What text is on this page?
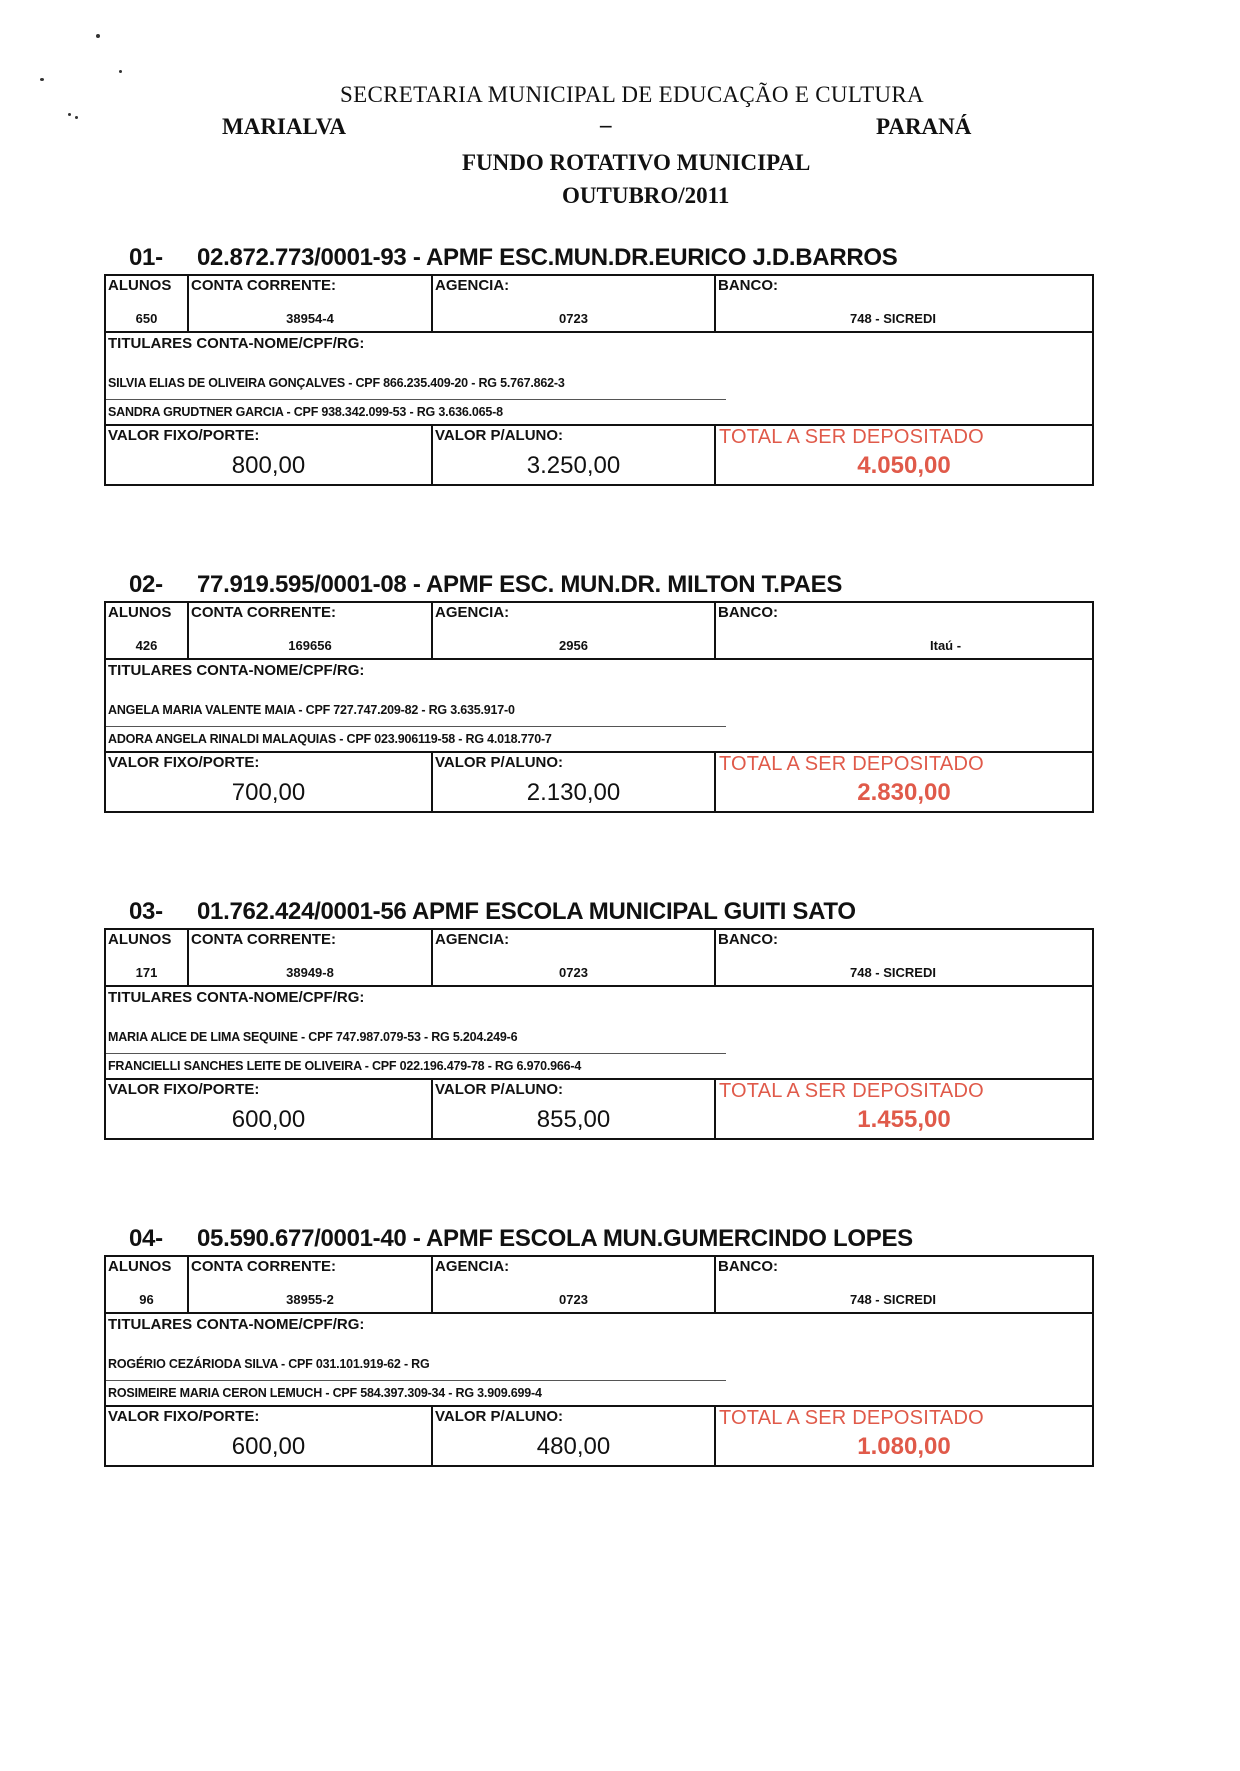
SECRETARIA MUNICIPAL DE EDUCAÇÃO E CULTURA
MARIALVA	–	PARANÁ
FUNDO ROTATIVO MUNICIPAL
OUTUBRO/2011
01- 02.872.773/0001-93 - APMF ESC.MUN.DR.EURICO J.D.BARROS
ALUNOS
650
CONTA CORRENTE:
38954-4
AGENCIA:
0723
BANCO:
748 - SICREDI
TITULARES CONTA-NOME/CPF/RG:
SILVIA ELIAS DE OLIVEIRA GONÇALVES - CPF 866.235.409-20 - RG 5.767.862-3
SANDRA GRUDTNER GARCIA - CPF 938.342.099-53 - RG 3.636.065-8
VALOR FIXO/PORTE:
800,00
VALOR P/ALUNO:
3.250,00
TOTAL A SER DEPOSITADO
4.050,00
02- 77.919.595/0001-08 - APMF ESC. MUN.DR. MILTON T.PAES
ALUNOS
426
CONTA CORRENTE:
169656
AGENCIA:
2956
BANCO:
Itaú -
TITULARES CONTA-NOME/CPF/RG:
ANGELA MARIA VALENTE MAIA - CPF 727.747.209-82 - RG 3.635.917-0
ADORA ANGELA RINALDI MALAQUIAS - CPF 023.906119-58 - RG 4.018.770-7
VALOR FIXO/PORTE:
700,00
VALOR P/ALUNO:
2.130,00
TOTAL A SER DEPOSITADO
2.830,00
03- 01.762.424/0001-56 APMF ESCOLA MUNICIPAL GUITI SATO
ALUNOS
171
CONTA CORRENTE:
38949-8
AGENCIA:
0723
BANCO:
748 - SICREDI
TITULARES CONTA-NOME/CPF/RG:
MARIA ALICE DE LIMA SEQUINE - CPF 747.987.079-53 - RG 5.204.249-6
FRANCIELLI SANCHES LEITE DE OLIVEIRA - CPF 022.196.479-78 - RG 6.970.966-4
VALOR FIXO/PORTE:
600,00
VALOR P/ALUNO:
855,00
TOTAL A SER DEPOSITADO
1.455,00
04- 05.590.677/0001-40 - APMF ESCOLA MUN.GUMERCINDO LOPES
ALUNOS
96
CONTA CORRENTE:
38955-2
AGENCIA:
0723
BANCO:
748 - SICREDI
TITULARES CONTA-NOME/CPF/RG:
ROGÉRIO CEZÁRIODA SILVA - CPF 031.101.919-62 - RG
ROSIMEIRE MARIA CERON LEMUCH - CPF 584.397.309-34 - RG 3.909.699-4
VALOR FIXO/PORTE:
600,00
VALOR P/ALUNO:
480,00
TOTAL A SER DEPOSITADO
1.080,00
